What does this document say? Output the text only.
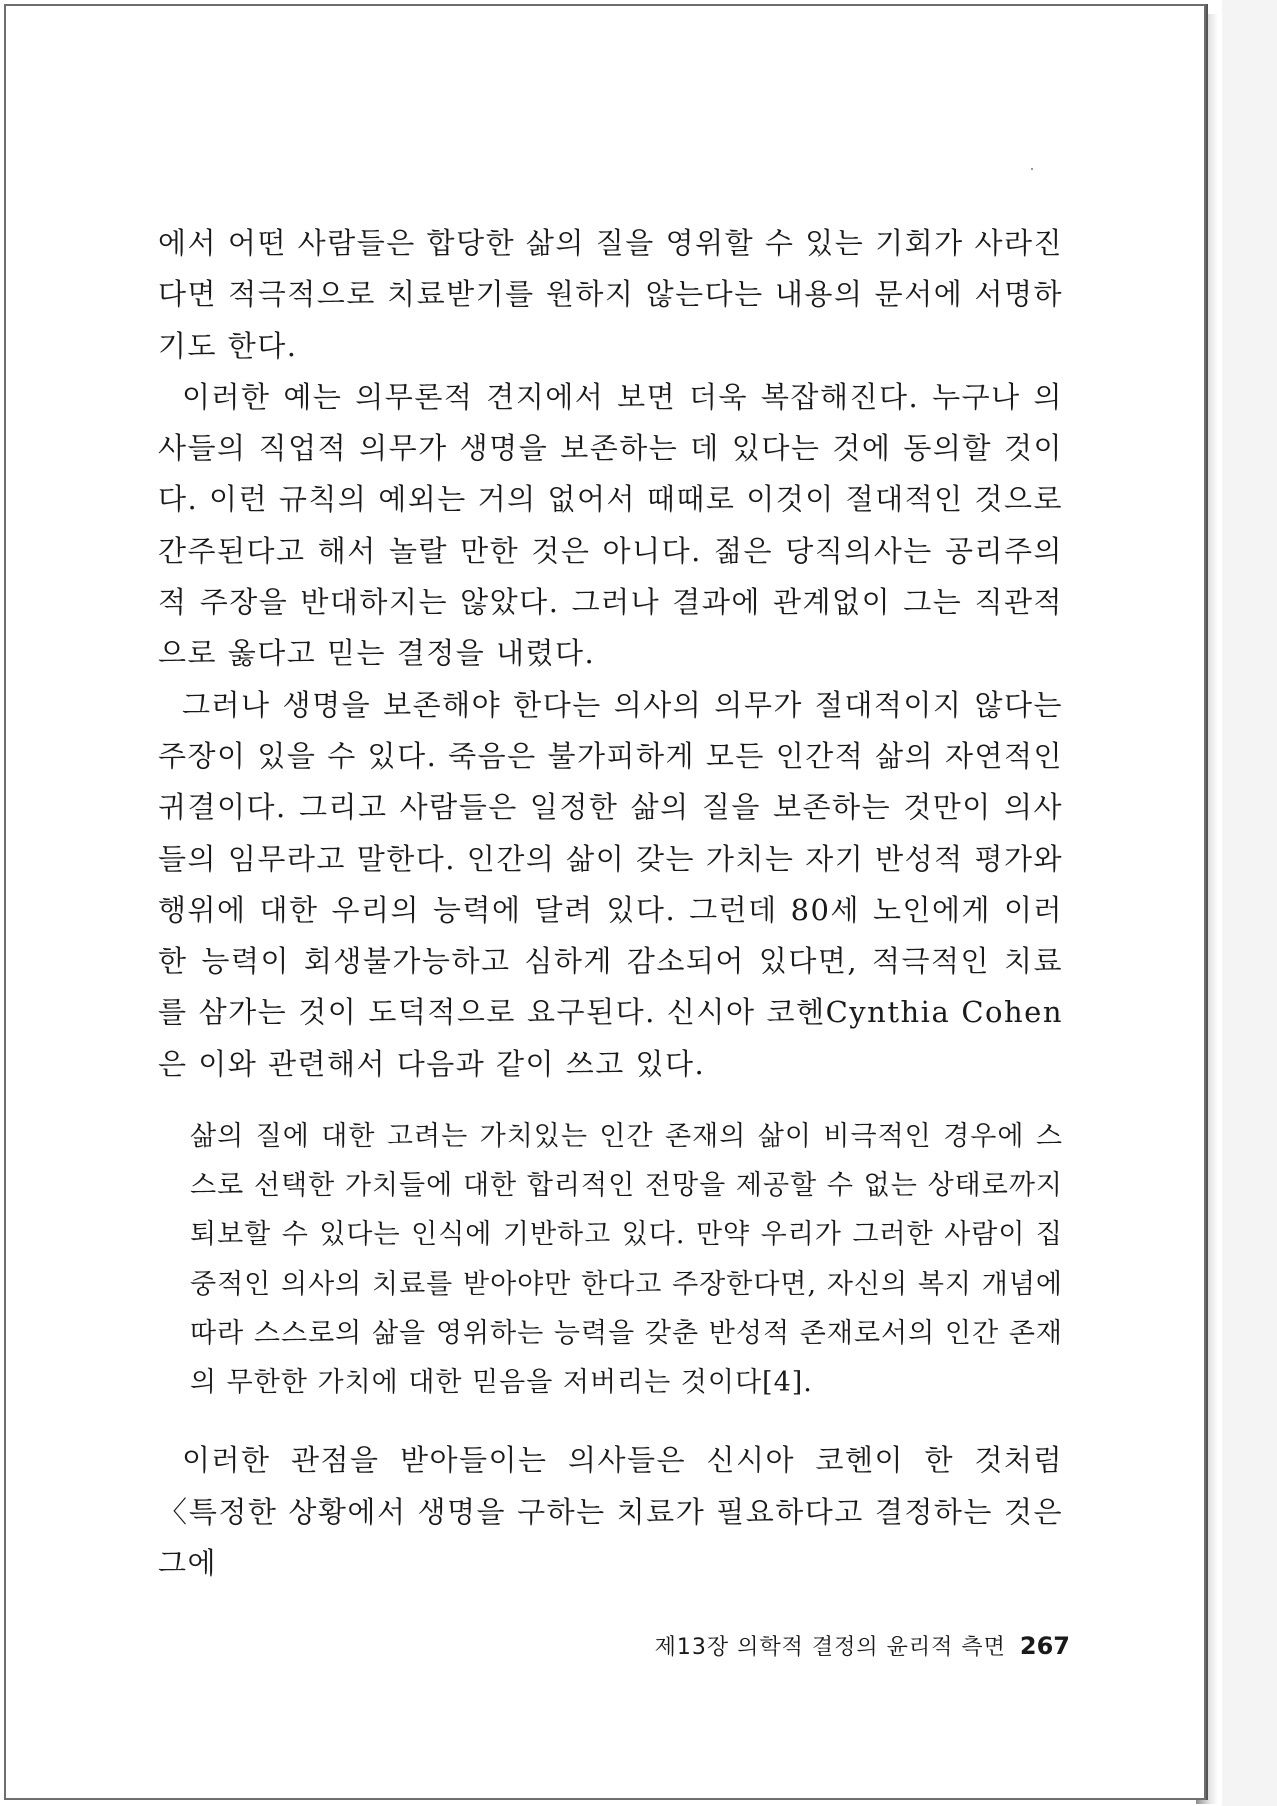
에서 어떤 사람들은 합당한 삶의 질을 영위할 수 있는 기회가 사라진 다면 적극적으로 치료받기를 원하지 않는다는 내용의 문서에 서명하기도 한다.

이러한 예는 의무론적 견지에서 보면 더욱 복잡해진다. 누구나 의사들의 직업적 의무가 생명을 보존하는 데 있다는 것에 동의할 것이다. 이런 규칙의 예외는 거의 없어서 때때로 이것이 절대적인 것으로 간주된다고 해서 놀랄 만한 것은 아니다. 젊은 당직의사는 공리주의적 주장을 반대하지는 않았다. 그러나 결과에 관계없이 그는 직관적으로 옳다고 믿는 결정을 내렸다.

그러나 생명을 보존해야 한다는 의사의 의무가 절대적이지 않다는 주장이 있을 수 있다. 죽음은 불가피하게 모든 인간적 삶의 자연적인 귀결이다. 그리고 사람들은 일정한 삶의 질을 보존하는 것만이 의사들의 임무라고 말한다. 인간의 삶이 갖는 가치는 자기 반성적 평가와 행위에 대한 우리의 능력에 달려 있다. 그런데 80세 노인에게 이러한 능력이 회생불가능하고 심하게 감소되어 있다면, 적극적인 치료를 삼가는 것이 도덕적으로 요구된다. 신시아 코헨Cynthia Cohen은 이와 관련해서 다음과 같이 쓰고 있다.

삶의 질에 대한 고려는 가치있는 인간 존재의 삶이 비극적인 경우에 스스로 선택한 가치들에 대한 합리적인 전망을 제공할 수 없는 상태로까지 퇴보할 수 있다는 인식에 기반하고 있다. 만약 우리가 그러한 사람이 집중적인 의사의 치료를 받아야만 한다고 주장한다면, 자신의 복지 개념에 따라 스스로의 삶을 영위하는 능력을 갖춘 반성적 존재로서의 인간 존재의 무한한 가치에 대한 믿음을 저버리는 것이다[4].

이러한 관점을 받아들이는 의사들은 신시아 코헨이 한 것처럼 〈특정한 상황에서 생명을 구하는 치료가 필요하다고 결정하는 것은 그에

제13장 의학적 결정의 윤리적 측면 267
